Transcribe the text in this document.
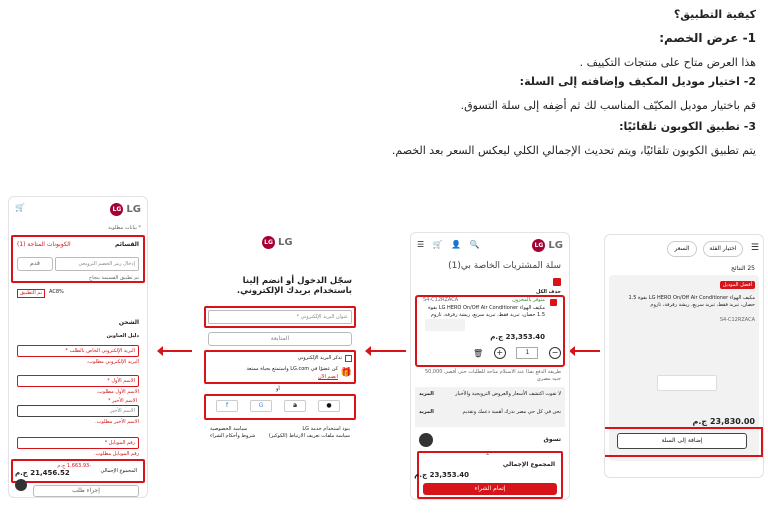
كيفية التطبيق؟
1- عرض الخصم:
هذا العرض متاح على منتجات التكييف .
2- اختيار موديل المكيف وإضافته إلى السلة:
قم باختيار موديل المكيّف المناسب لك ثم أضِفه إلى سلة التسوق.
3- تطبيق الكوبون تلقائيًا:
يتم تطبيق الكوبون تلقائيًا، ويتم تحديث الإجمالي الكلي ليعكس السعر بعد الخصم.
☰
اختيار الفئة
السعر
25 النتائج
أفضل الموديل
مكيف الهواء LG HERO On/Off Air Conditioner بقوة 1.5 حصان، تبريد فقط، تبريد سريع، ريشة رفرفة، تاروم
S4-C12RZACA
23,830.00 ج.م
إضافة إلى السلة
LG LG
☰ 🛒 👤 🔍
سلة المشتريات الخاصة بي(1)
حذف الكل
متوفر بالمخزون
S4-C12RZACA
مكيف الهواء LG HERO On/Off Air Conditioner بقوة 1.5 حصان، تبريد فقط، تبريد سريع، ريشة رفرفة، تاروم
23,353.40 ج.م
🗑	+	1	−
طريقة الدفع نقدًا عند الاستلام متاحة للطلبات حتى أقصى 50,000 جنيه مصري
المزيد	لا تفوت اكتشف الأسعار والعروض الترويجية والأخبار
المزيد	نحن في كل حي مصر ندرك أهمية دعمك وتقديم
تسوق
⌃
المجموع الإجمالي
23,353.40 ج.م
إتمام الشراء
LG LG
سجّل الدخول أو انضم إلينا باستخدام بريدك الإلكتروني.
عنوان البريد الإلكتروني *
المتابعة
تذكر البريد الإلكتروني
🎁
كن عضوًا في LG.com واستمتع بحياة ممتعة
انضم الآن
أو
f	G	a	●
بنود استخدام خدمة LG
سياسة الخصوصية
سياسة ملفات تعريف الارتباط (الكوكيز)
شروط وأحكام الشراء
🛒	LG LG
* بيانات مطلوبة
القسائم
الكوبونات المتاحة (1)
إدخال رمز الخصم الترويجي
قدم
تم تطبيق القسيمة بنجاح
تم التطبيق	AC8%
الشحن
دليل العناوين
البريد الإلكتروني الخاص بالطلب *
البريد الإلكتروني مطلوب.
الاسم الأول *
الاسم الأول مطلوب.
الاسم الأخير *
الاسم الأخير
الاسم الأخير مطلوب.
رقم الموبايل *
رقم الموبايل مطلوب.
المجموع الإجمالي
-1,663.93 ج.م
21,456.52 ج.م
إجراء طلب
